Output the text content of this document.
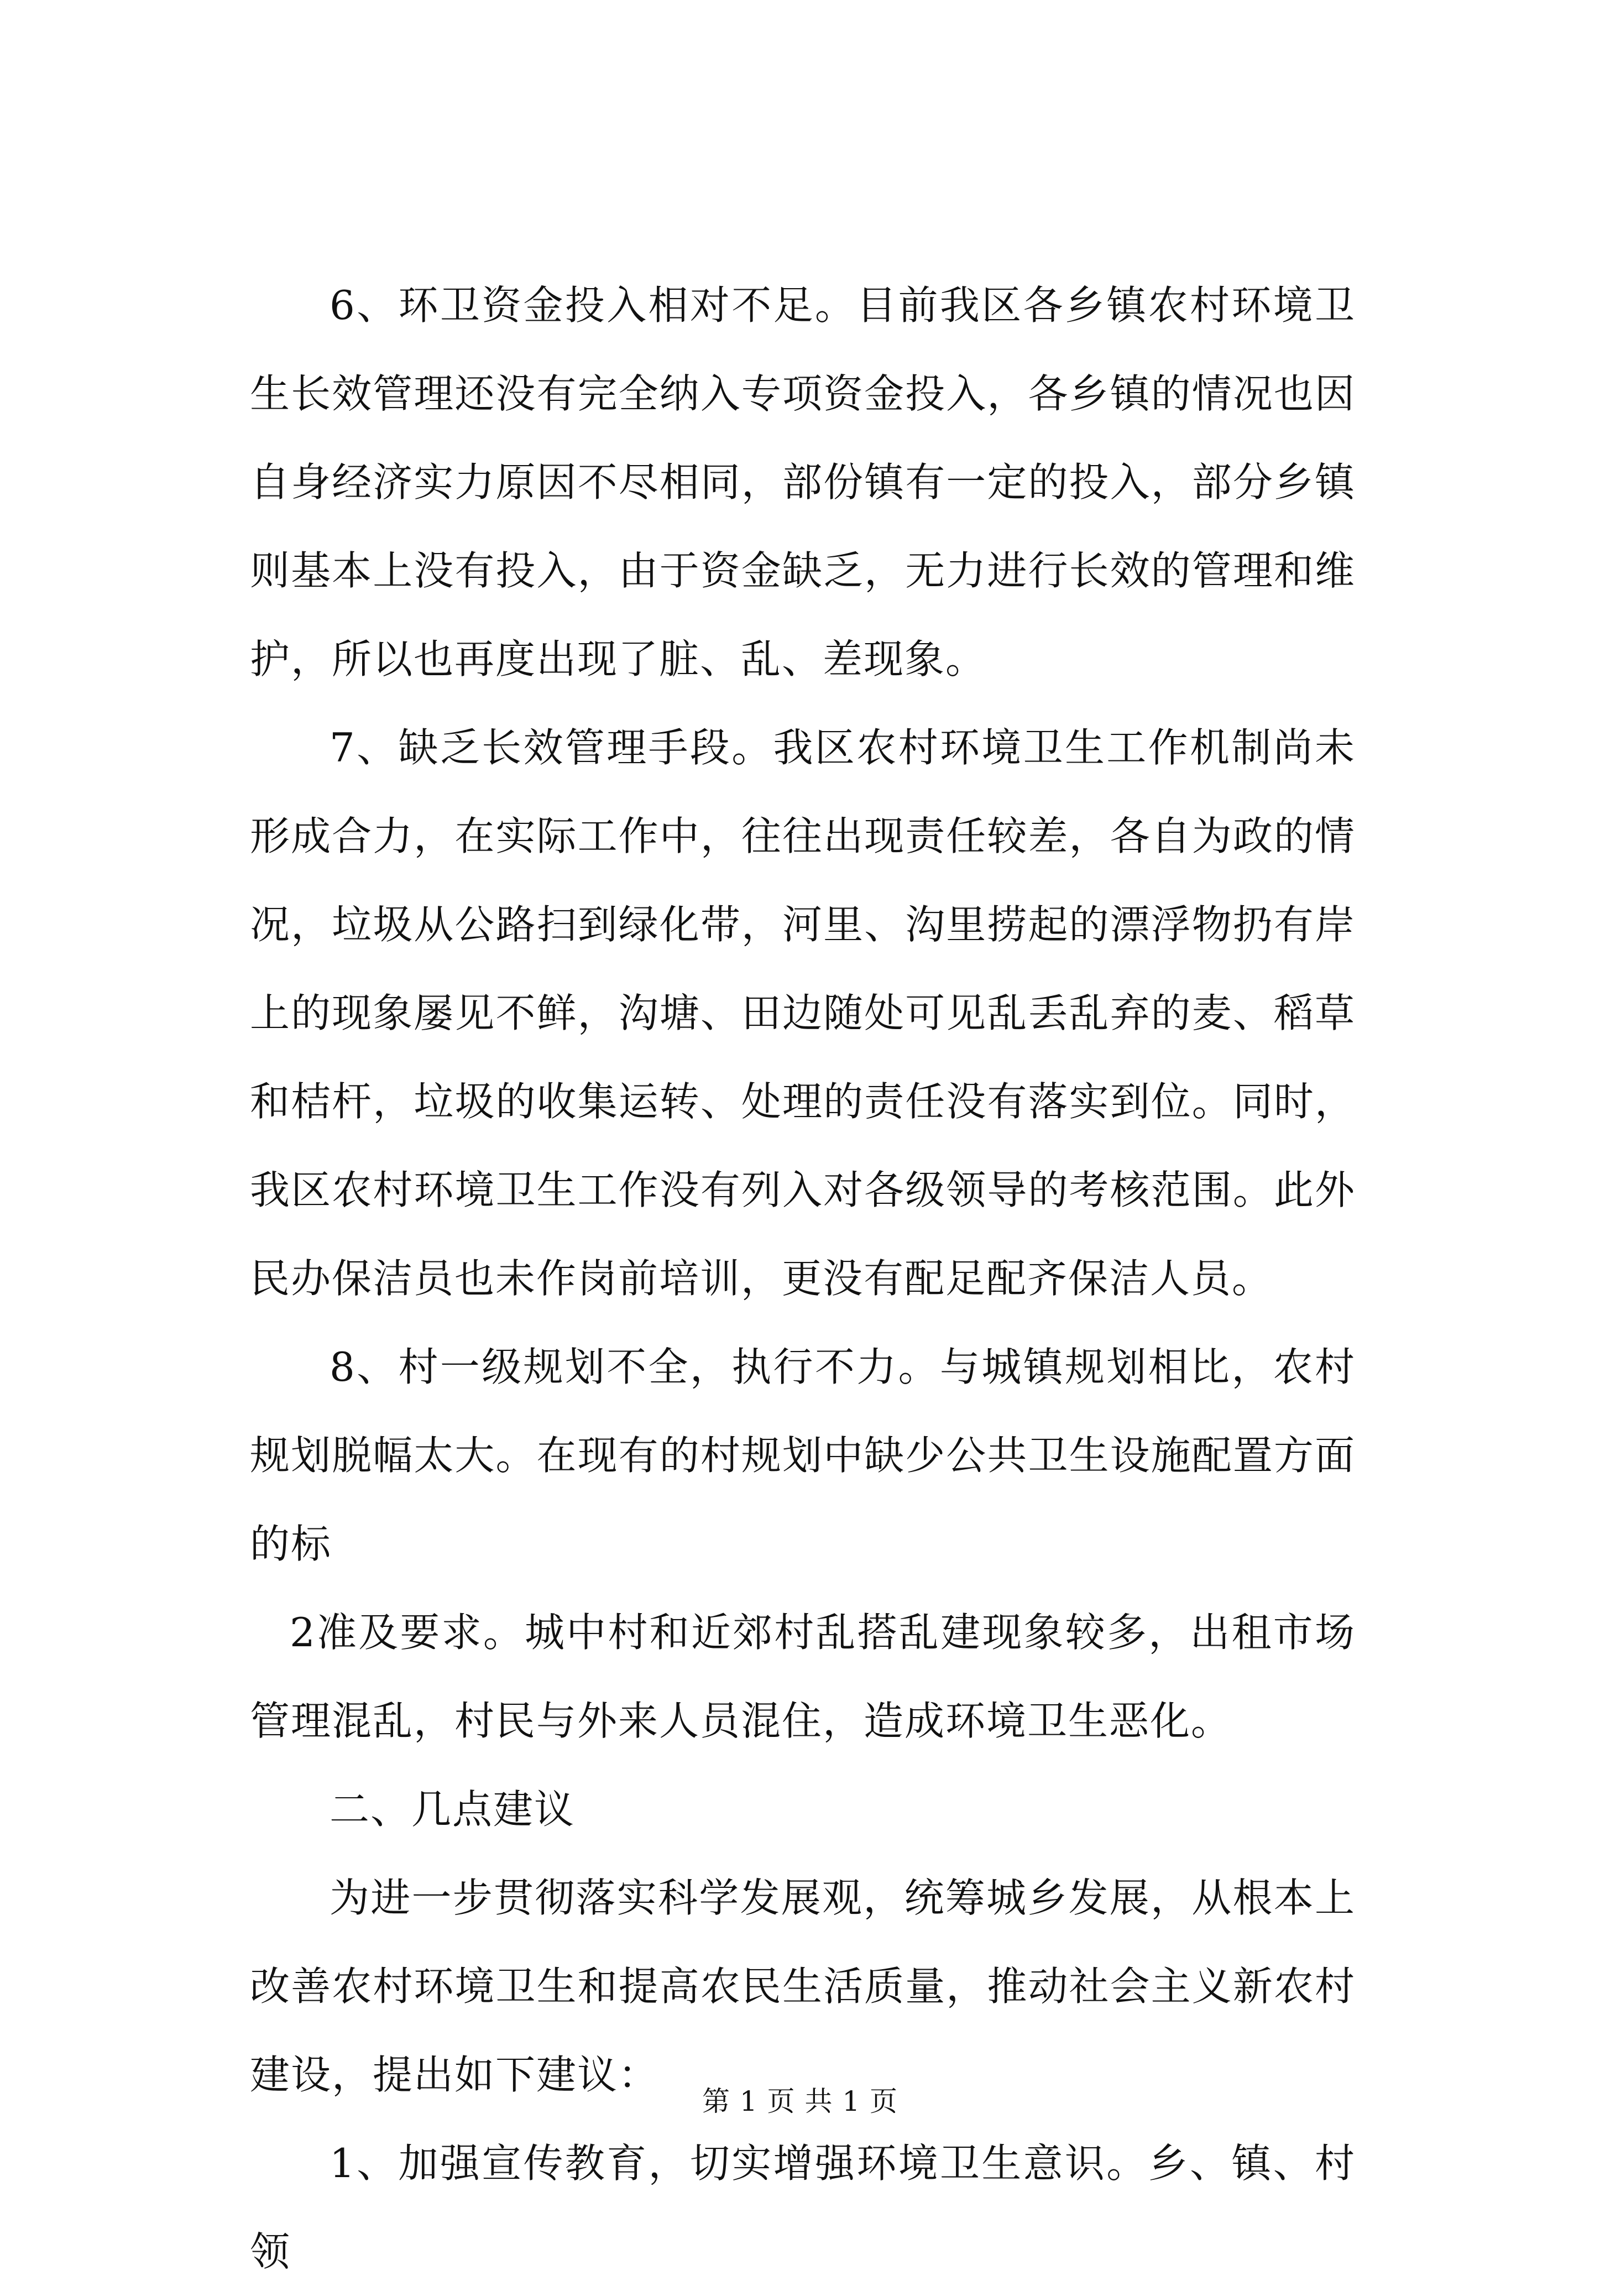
6、环卫资金投入相对不足。目前我区各乡镇农村环境卫生长效管理还没有完全纳入专项资金投入，各乡镇的情况也因自身经济实力原因不尽相同，部份镇有一定的投入，部分乡镇则基本上没有投入，由于资金缺乏，无力进行长效的管理和维护，所以也再度出现了脏、乱、差现象。

7、缺乏长效管理手段。我区农村环境卫生工作机制尚未形成合力，在实际工作中，往往出现责任较差，各自为政的情况，垃圾从公路扫到绿化带，河里、沟里捞起的漂浮物扔有岸上的现象屡见不鲜，沟塘、田边随处可见乱丢乱弃的麦、稻草和桔杆，垃圾的收集运转、处理的责任没有落实到位。同时，我区农村环境卫生工作没有列入对各级领导的考核范围。此外民办保洁员也未作岗前培训，更没有配足配齐保洁人员。

8、村一级规划不全，执行不力。与城镇规划相比，农村规划脱幅太大。在现有的村规划中缺少公共卫生设施配置方面的标

2准及要求。城中村和近郊村乱搭乱建现象较多，出租市场管理混乱，村民与外来人员混住，造成环境卫生恶化。

二、几点建议

为进一步贯彻落实科学发展观，统筹城乡发展，从根本上改善农村环境卫生和提高农民生活质量，推动社会主义新农村建设，提出如下建议：

1、加强宣传教育，切实增强环境卫生意识。乡、镇、村领

第 1 页 共 1 页
